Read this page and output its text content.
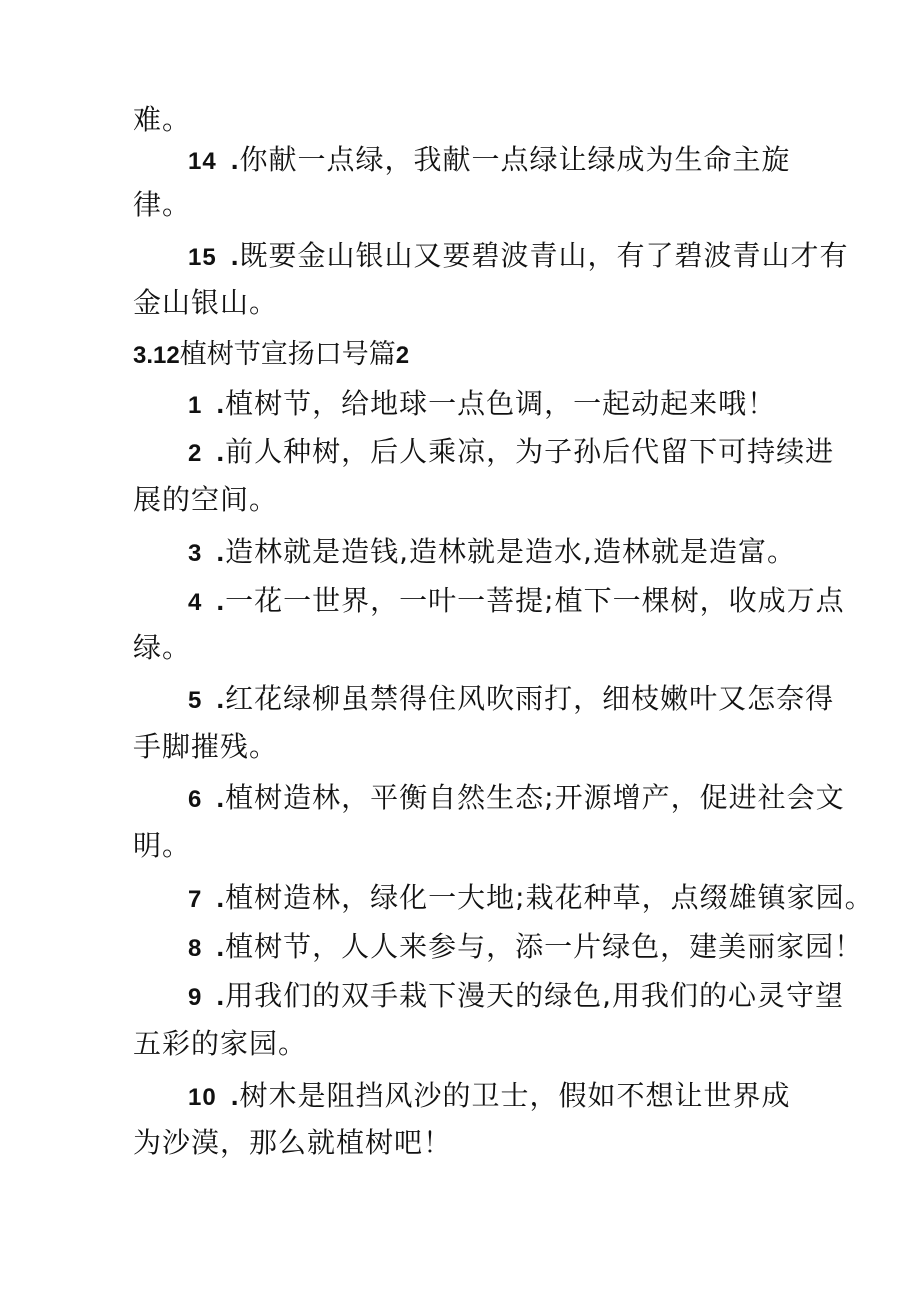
难。
14 .你献一点绿，我献一点绿让绿成为生命主旋
律。
15 .既要金山银山又要碧波青山，有了碧波青山才有
金山银山。
3.12植树节宣扬口号篇2
1 .植树节，给地球一点色调，一起动起来哦！
2 .前人种树，后人乘凉，为子孙后代留下可持续进
展的空间。
3 .造林就是造钱,造林就是造水,造林就是造富。
4 .一花一世界，一叶一菩提;植下一棵树，收成万点
绿。
5 .红花绿柳虽禁得住风吹雨打，细枝嫩叶又怎奈得
手脚摧残。
6 .植树造林，平衡自然生态;开源增产，促进社会文
明。
7 .植树造林，绿化一大地;栽花种草，点缀雄镇家园。
8 .植树节，人人来参与，添一片绿色，建美丽家园！
9 .用我们的双手栽下漫天的绿色,用我们的心灵守望
五彩的家园。
10 .树木是阻挡风沙的卫士，假如不想让世界成
为沙漠，那么就植树吧！
